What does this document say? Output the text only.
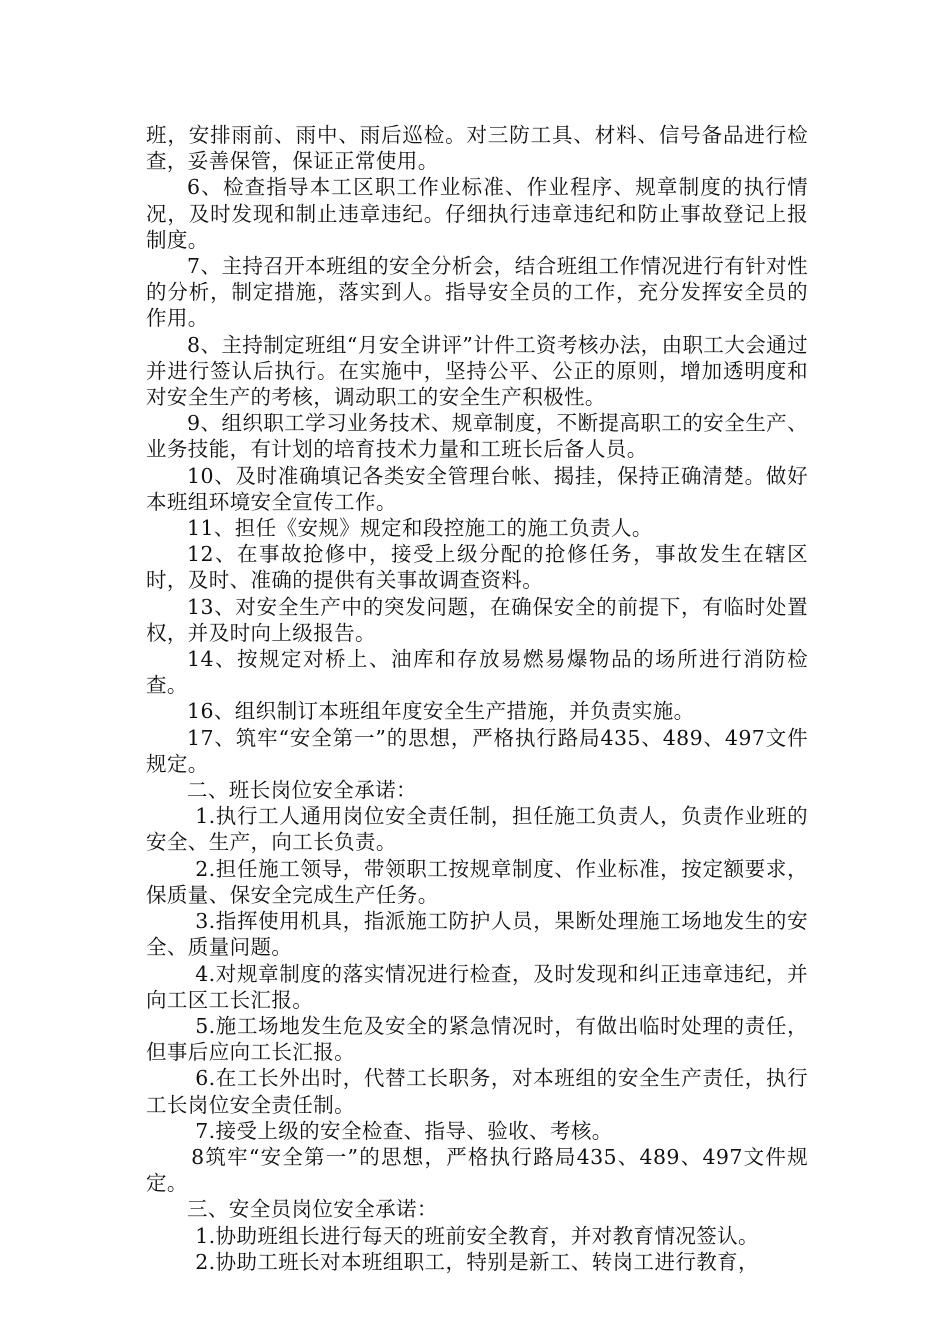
班，安排雨前、雨中、雨后巡检。对三防工具、材料、信号备品进行检查，妥善保管，保证正常使用。

6、检查指导本工区职工作业标准、作业程序、规章制度的执行情况，及时发现和制止违章违纪。仔细执行违章违纪和防止事故登记上报制度。

7、主持召开本班组的安全分析会，结合班组工作情况进行有针对性的分析，制定措施，落实到人。指导安全员的工作，充分发挥安全员的作用。

8、主持制定班组“月安全讲评”计件工资考核办法，由职工大会通过并进行签认后执行。在实施中，坚持公平、公正的原则，增加透明度和对安全生产的考核，调动职工的安全生产积极性。

9、组织职工学习业务技术、规章制度，不断提高职工的安全生产、业务技能，有计划的培育技术力量和工班长后备人员。

10、及时准确填记各类安全管理台帐、揭挂，保持正确清楚。做好本班组环境安全宣传工作。

11、担任《安规》规定和段控施工的施工负责人。

12、在事故抢修中，接受上级分配的抢修任务，事故发生在辖区时，及时、准确的提供有关事故调查资料。

13、对安全生产中的突发问题，在确保安全的前提下，有临时处置权，并及时向上级报告。

14、按规定对桥上、油库和存放易燃易爆物品的场所进行消防检查。

16、组织制订本班组年度安全生产措施，并负责实施。

17、筑牢“安全第一”的思想，严格执行路局435、489、497文件规定。

二、班长岗位安全承诺：

1.执行工人通用岗位安全责任制，担任施工负责人，负责作业班的安全、生产，向工长负责。

2.担任施工领导，带领职工按规章制度、作业标准，按定额要求，保质量、保安全完成生产任务。

3.指挥使用机具，指派施工防护人员，果断处理施工场地发生的安全、质量问题。

4.对规章制度的落实情况进行检查，及时发现和纠正违章违纪，并向工区工长汇报。

5.施工场地发生危及安全的紧急情况时，有做出临时处理的责任，但事后应向工长汇报。

6.在工长外出时，代替工长职务，对本班组的安全生产责任，执行工长岗位安全责任制。

7.接受上级的安全检查、指导、验收、考核。

8筑牢“安全第一”的思想，严格执行路局435、489、497文件规定。

三、安全员岗位安全承诺：

1.协助班组长进行每天的班前安全教育，并对教育情况签认。

2.协助工班长对本班组职工，特别是新工、转岗工进行教育，
